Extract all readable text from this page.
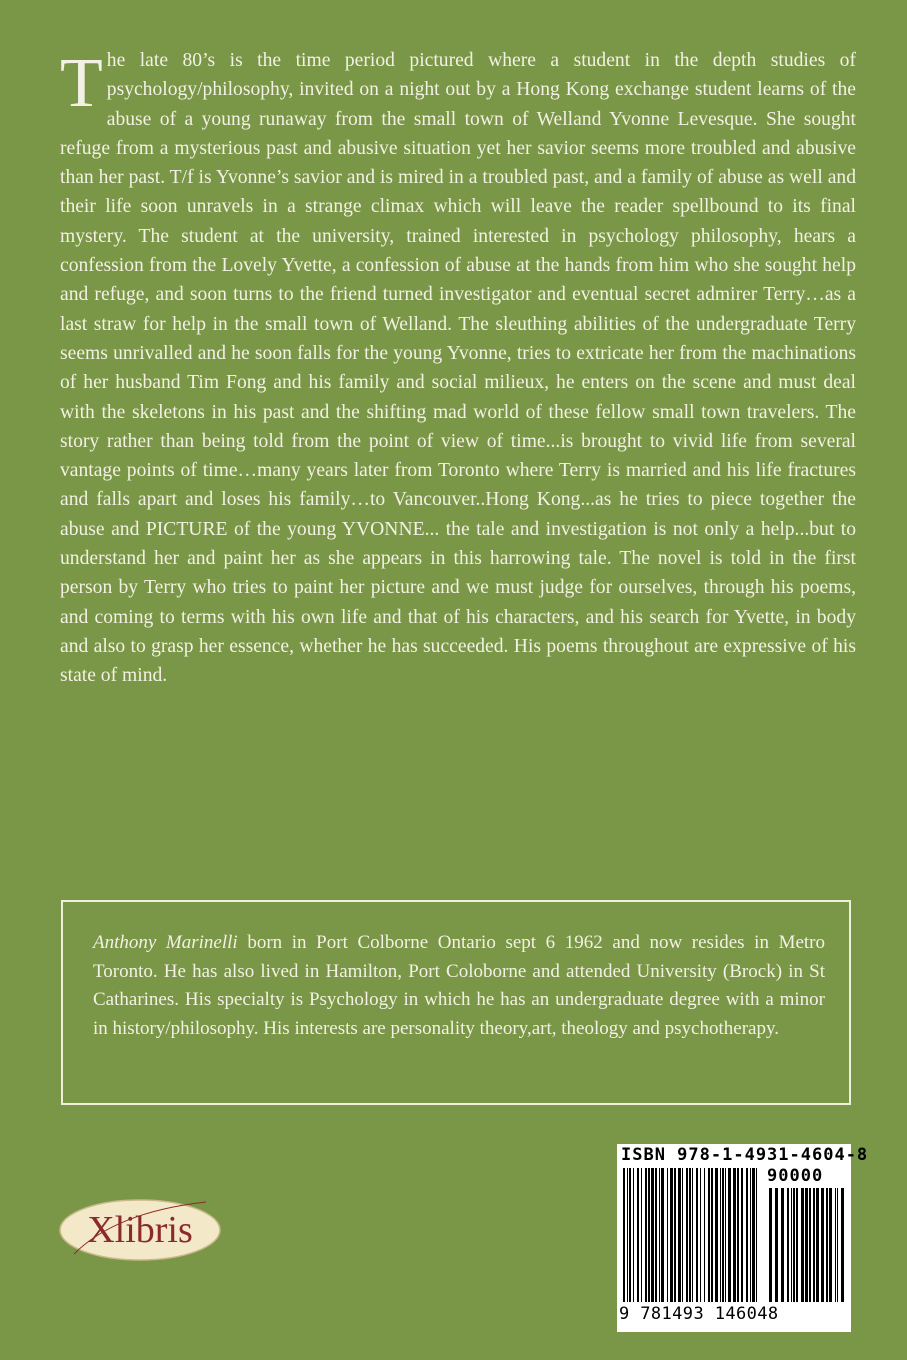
The late 80’s is the time period pictured where a student in the depth studies of psychology/philosophy, invited on a night out by a Hong Kong exchange student learns of the abuse of a young runaway from the small town of Welland Yvonne Levesque. She sought refuge from a mysterious past and abusive situation yet her savior seems more troubled and abusive than her past. T/f is Yvonne’s savior and is mired in a troubled past, and a family of abuse as well and their life soon unravels in a strange climax which will leave the reader spellbound to its final mystery. The student at the university, trained interested in psychology philosophy, hears a confession from the Lovely Yvette, a confession of abuse at the hands from him who she sought help and refuge, and soon turns to the friend turned investigator and eventual secret admirer Terry…as a last straw for help in the small town of Welland. The sleuthing abilities of the undergraduate Terry seems unrivalled and he soon falls for the young Yvonne, tries to extricate her from the machinations of her husband Tim Fong and his family and social milieux, he enters on the scene and must deal with the skeletons in his past and the shifting mad world of these fellow small town travelers. The story rather than being told from the point of view of time...is brought to vivid life from several vantage points of time…many years later from Toronto where Terry is married and his life fractures and falls apart and loses his family…to Vancouver..Hong Kong...as he tries to piece together the abuse and PICTURE of the young YVONNE... the tale and investigation is not only a help...but to understand her and paint her as she appears in this harrowing tale. The novel is told in the first person by Terry who tries to paint her picture and we must judge for ourselves, through his poems, and coming to terms with his own life and that of his characters, and his search for Yvette, in body and also to grasp her essence, whether he has succeeded. His poems throughout are expressive of his state of mind.

Anthony Marinelli born in Port Colborne Ontario sept 6 1962 and now resides in Metro Toronto. He has also lived in Hamilton, Port Coloborne and attended University (Brock) in St Catharines. His specialty is Psychology in which he has an undergraduate degree with a minor in history/philosophy. His interests are personality theory,art, theology and psychotherapy.

Xlibris
ISBN 978-1-4931-4604-8
90000
9 781493 146048
